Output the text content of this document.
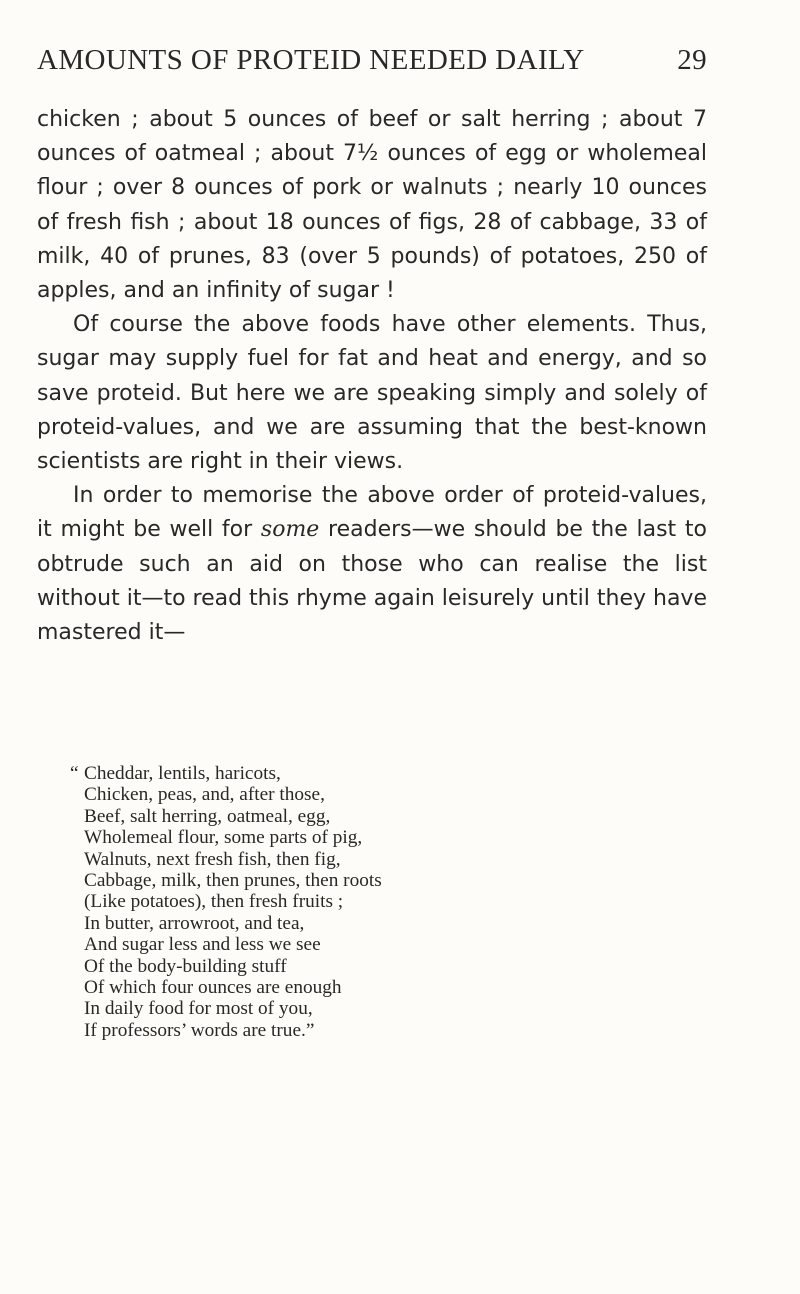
AMOUNTS OF PROTEID NEEDED DAILY	29

chicken ; about 5 ounces of beef or salt herring ; about 7 ounces of oatmeal ; about 7½ ounces of egg or wholemeal flour ; over 8 ounces of pork or walnuts ; nearly 10 ounces of fresh fish ; about 18 ounces of figs, 28 of cabbage, 33 of milk, 40 of prunes, 83 (over 5 pounds) of potatoes, 250 of apples, and an infinity of sugar !

Of course the above foods have other elements. Thus, sugar may supply fuel for fat and heat and energy, and so save proteid. But here we are speaking simply and solely of proteid-values, and we are assuming that the best-known scientists are right in their views.

In order to memorise the above order of proteid-values, it might be well for some readers—we should be the last to obtrude such an aid on those who can realise the list without it—to read this rhyme again leisurely until they have mastered it—

“ Cheddar, lentils, haricots,
Chicken, peas, and, after those,
Beef, salt herring, oatmeal, egg,
Wholemeal flour, some parts of pig,
Walnuts, next fresh fish, then fig,
Cabbage, milk, then prunes, then roots
(Like potatoes), then fresh fruits ;
In butter, arrowroot, and tea,
And sugar less and less we see
Of the body-building stuff
Of which four ounces are enough
In daily food for most of you,
If professors’ words are true.”
